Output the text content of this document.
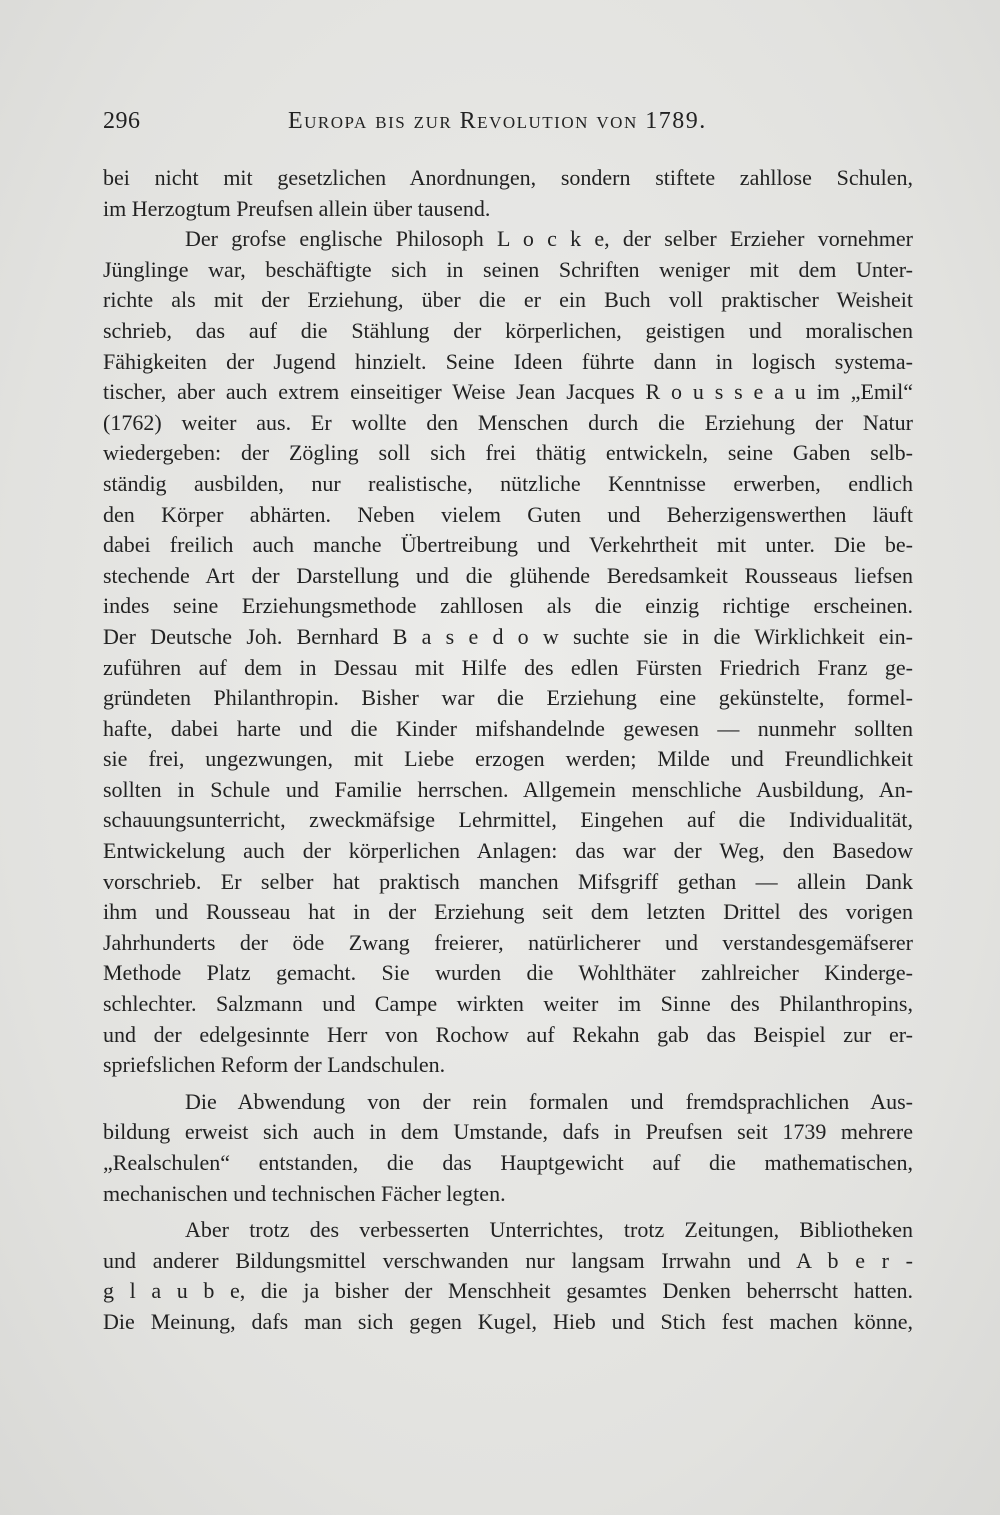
296	Europa bis zur Revolution von 1789.
bei nicht mit gesetzlichen Anordnungen, sondern stiftete zahllose Schulen,
im Herzogtum Preufsen allein über tausend.
Der grofse englische Philosoph L o c k e, der selber Erzieher vornehmer
Jünglinge war, beschäftigte sich in seinen Schriften weniger mit dem Unter-
richte als mit der Erziehung, über die er ein Buch voll praktischer Weisheit
schrieb, das auf die Stählung der körperlichen, geistigen und moralischen
Fähigkeiten der Jugend hinzielt. Seine Ideen führte dann in logisch systema-
tischer, aber auch extrem einseitiger Weise Jean Jacques R o u s s e a u im „Emil“
(1762) weiter aus. Er wollte den Menschen durch die Erziehung der Natur
wiedergeben: der Zögling soll sich frei thätig entwickeln, seine Gaben selb-
ständig ausbilden, nur realistische, nützliche Kenntnisse erwerben, endlich
den Körper abhärten. Neben vielem Guten und Beherzigenswerthen läuft
dabei freilich auch manche Übertreibung und Verkehrtheit mit unter. Die be-
stechende Art der Darstellung und die glühende Beredsamkeit Rousseaus liefsen
indes seine Erziehungsmethode zahllosen als die einzig richtige erscheinen.
Der Deutsche Joh. Bernhard B a s e d o w suchte sie in die Wirklichkeit ein-
zuführen auf dem in Dessau mit Hilfe des edlen Fürsten Friedrich Franz ge-
gründeten Philanthropin. Bisher war die Erziehung eine gekünstelte, formel-
hafte, dabei harte und die Kinder mifshandelnde gewesen — nunmehr sollten
sie frei, ungezwungen, mit Liebe erzogen werden; Milde und Freundlichkeit
sollten in Schule und Familie herrschen. Allgemein menschliche Ausbildung, An-
schauungsunterricht, zweckmäfsige Lehrmittel, Eingehen auf die Individualität,
Entwickelung auch der körperlichen Anlagen: das war der Weg, den Basedow
vorschrieb. Er selber hat praktisch manchen Mifsgriff gethan — allein Dank
ihm und Rousseau hat in der Erziehung seit dem letzten Drittel des vorigen
Jahrhunderts der öde Zwang freierer, natürlicherer und verstandesgemäfserer
Methode Platz gemacht. Sie wurden die Wohlthäter zahlreicher Kinderge-
schlechter. Salzmann und Campe wirkten weiter im Sinne des Philanthropins,
und der edelgesinnte Herr von Rochow auf Rekahn gab das Beispiel zur er-
spriefslichen Reform der Landschulen.
Die Abwendung von der rein formalen und fremdsprachlichen Aus-
bildung erweist sich auch in dem Umstande, dafs in Preufsen seit 1739 mehrere
„Realschulen“ entstanden, die das Hauptgewicht auf die mathematischen,
mechanischen und technischen Fächer legten.
Aber trotz des verbesserten Unterrichtes, trotz Zeitungen, Bibliotheken
und anderer Bildungsmittel verschwanden nur langsam Irrwahn und A b e r -
g l a u b e, die ja bisher der Menschheit gesamtes Denken beherrscht hatten.
Die Meinung, dafs man sich gegen Kugel, Hieb und Stich fest machen könne,
